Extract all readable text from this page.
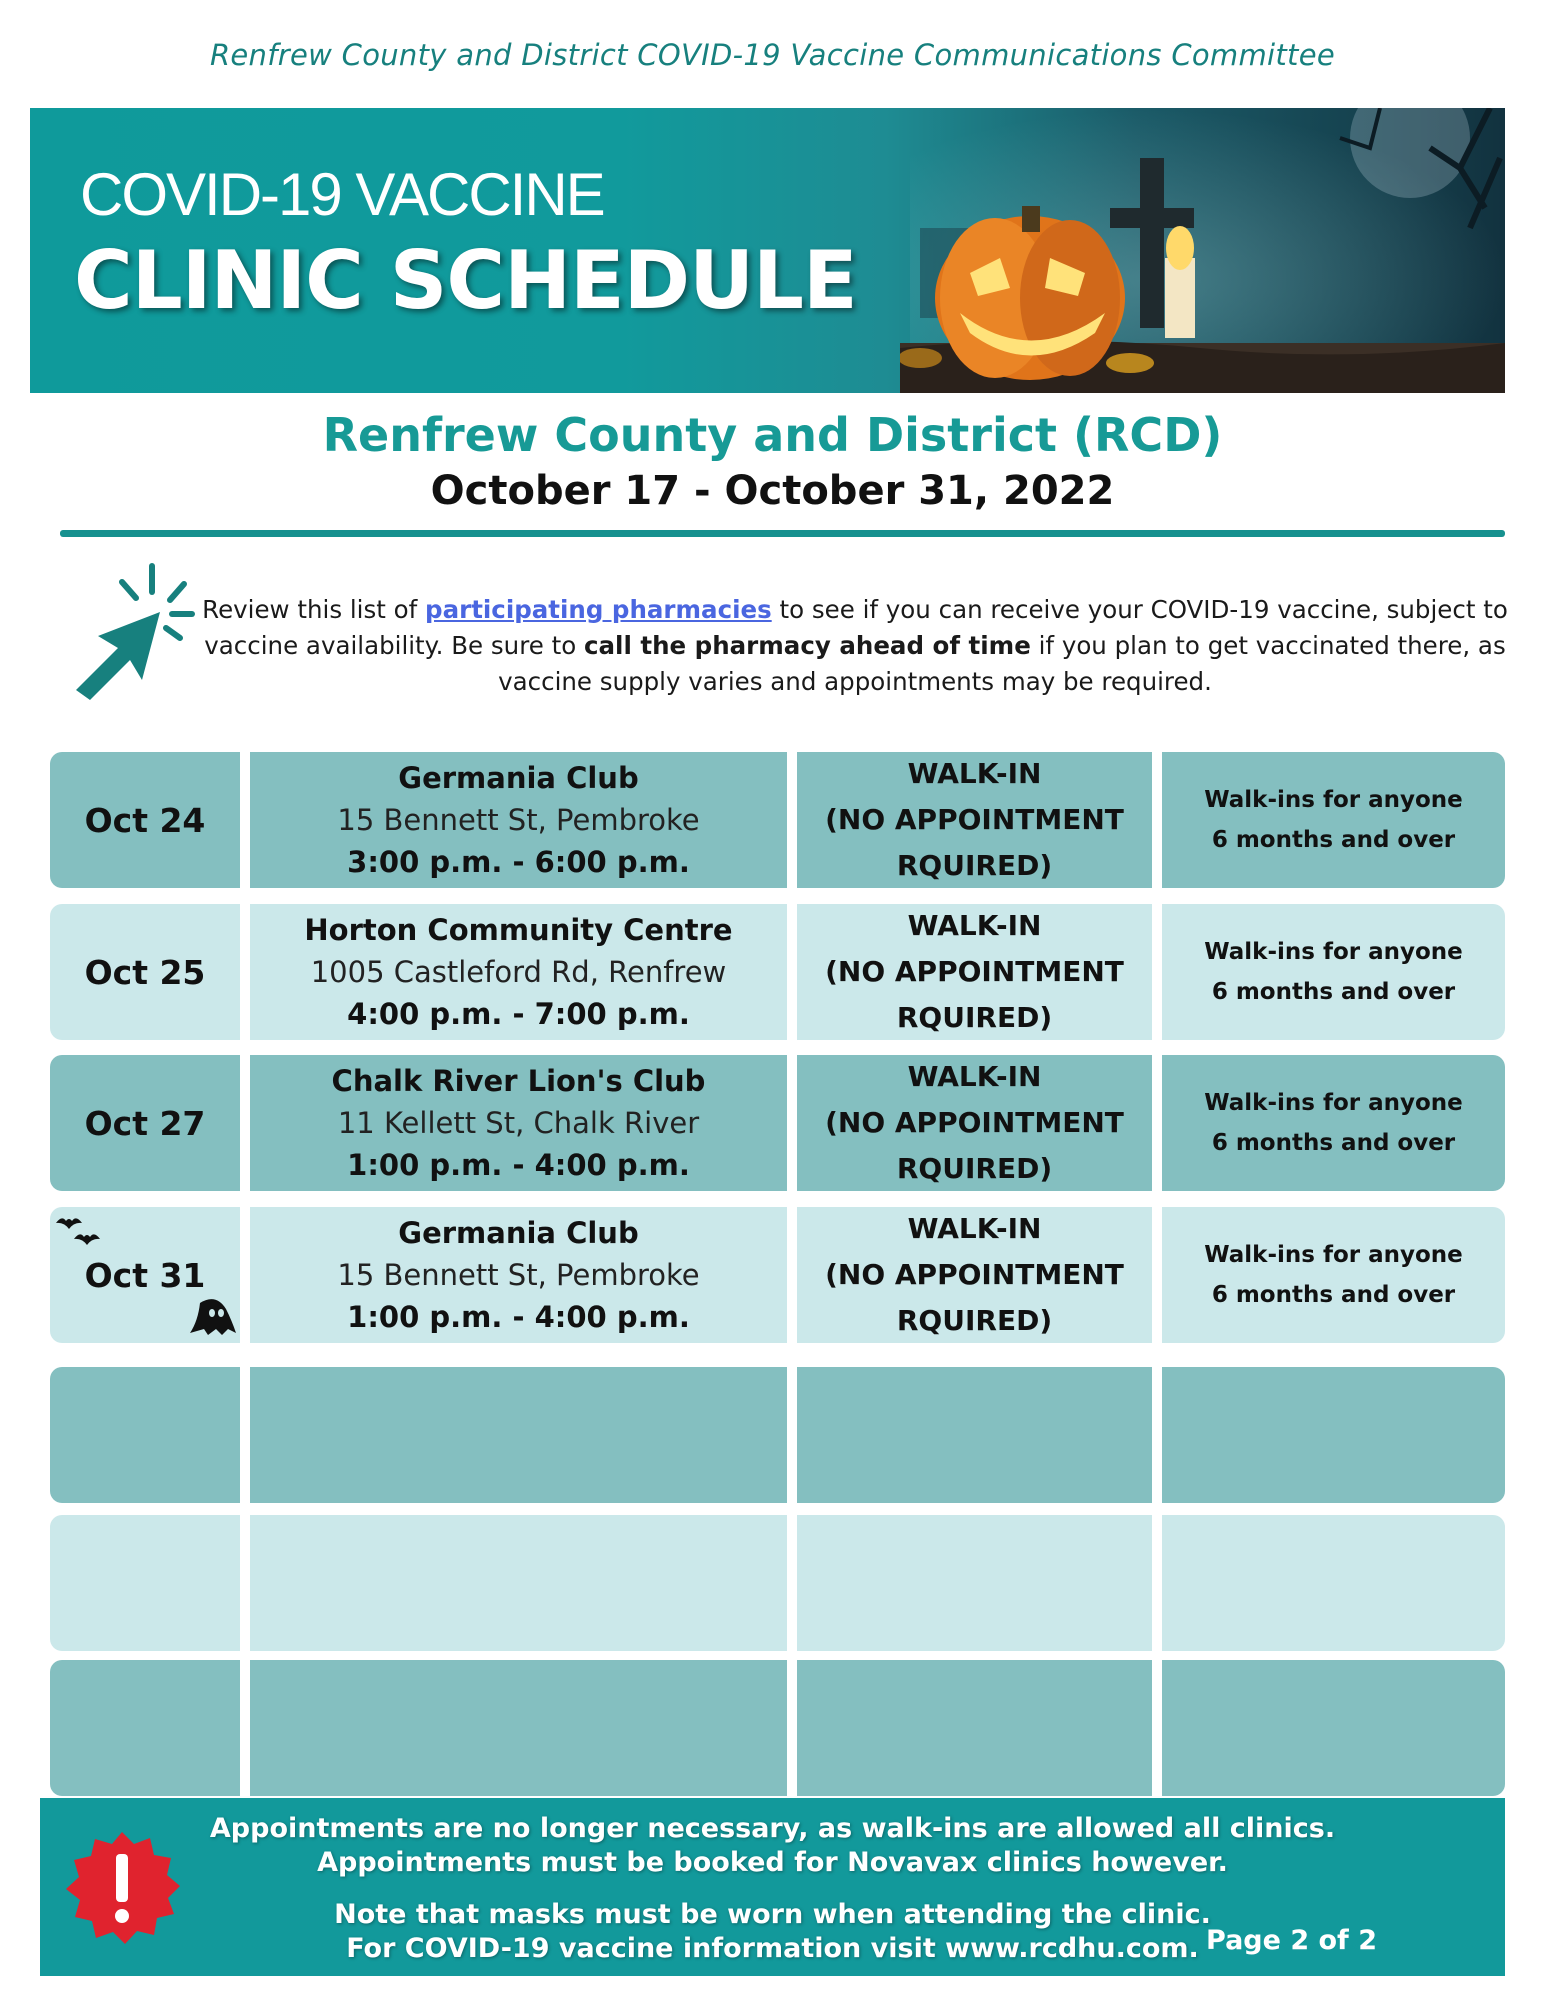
Renfrew County and District COVID-19 Vaccine Communications Committee
COVID-19 VACCINE
CLINIC SCHEDULE
Renfrew County and District (RCD)
October 17 - October 31, 2022
Review this list of participating pharmacies to see if you can receive your COVID-19 vaccine, subject to vaccine availability. Be sure to call the pharmacy ahead of time if you plan to get vaccinated there, as vaccine supply varies and appointments may be required.
Oct 24
Germania Club
15 Bennett St, Pembroke
3:00 p.m. - 6:00 p.m.
WALK-IN
(NO APPOINTMENT
RQUIRED)
Walk-ins for anyone
6 months and over
Oct 25
Horton Community Centre
1005 Castleford Rd, Renfrew
4:00 p.m. - 7:00 p.m.
WALK-IN
(NO APPOINTMENT
RQUIRED)
Walk-ins for anyone
6 months and over
Oct 27
Chalk River Lion's Club
11 Kellett St, Chalk River
1:00 p.m. - 4:00 p.m.
WALK-IN
(NO APPOINTMENT
RQUIRED)
Walk-ins for anyone
6 months and over
Oct 31
Germania Club
15 Bennett St, Pembroke
1:00 p.m. - 4:00 p.m.
WALK-IN
(NO APPOINTMENT
RQUIRED)
Walk-ins for anyone
6 months and over
Appointments are no longer necessary, as walk-ins are allowed all clinics.
Appointments must be booked for Novavax clinics however.
Note that masks must be worn when attending the clinic.
For COVID-19 vaccine information visit www.rcdhu.com. Page 2 of 2
